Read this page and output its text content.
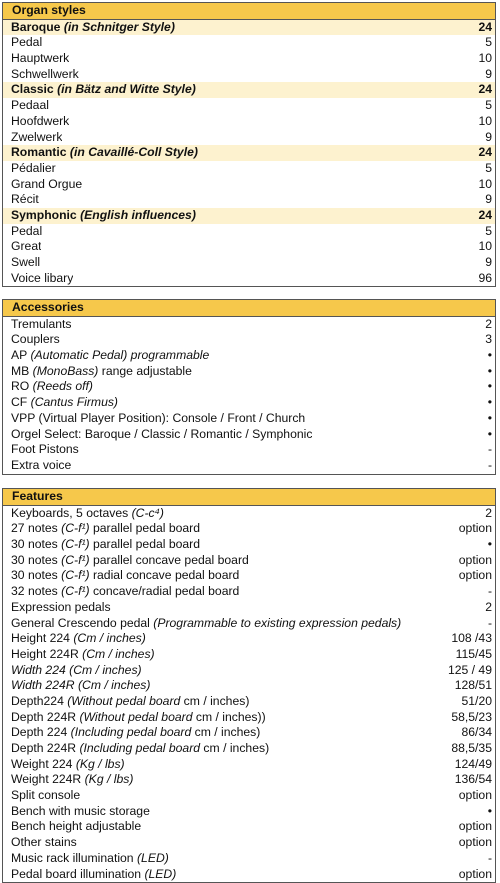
Organ styles
Baroque (in Schnitger Style)	24
Pedal	5
Hauptwerk	10
Schwellwerk	9
Classic (in Bätz and Witte Style)	24
Pedaal	5
Hoofdwerk	10
Zwelwerk	9
Romantic (in Cavaillé-Coll Style)	24
Pédalier	5
Grand Orgue	10
Récit	9
Symphonic (English influences)	24
Pedal	5
Great	10
Swell	9
Voice libary	96
Accessories
Tremulants	2
Couplers	3
AP (Automatic Pedal) programmable	•
MB (MonoBass) range adjustable	•
RO (Reeds off)	•
CF (Cantus Firmus)	•
VPP (Virtual Player Position): Console / Front / Church	•
Orgel Select: Baroque / Classic / Romantic / Symphonic	•
Foot Pistons	-
Extra voice	-
Features
Keyboards, 5 octaves (C-c⁴)	2
27 notes (C-f¹) parallel pedal board	option
30 notes (C-f¹) parallel pedal board	•
30 notes (C-f¹) parallel concave pedal board	option
30 notes (C-f¹) radial concave pedal board	option
32 notes (C-f¹) concave/radial pedal board	-
Expression pedals	2
General Crescendo pedal (Programmable to existing expression pedals)	-
Height 224 (Cm / inches)	108 /43
Height 224R (Cm / inches)	115/45
Width 224 (Cm / inches)	125 / 49
Width 224R (Cm / inches)	128/51
Depth224 (Without pedal board cm / inches)	51/20
Depth 224R (Without pedal board cm / inches))	58,5/23
Depth 224 (Including pedal board cm / inches)	86/34
Depth 224R (Including pedal board cm / inches)	88,5/35
Weight 224 (Kg / lbs)	124/49
Weight 224R (Kg / lbs)	136/54
Split console	option
Bench with music storage	•
Bench height adjustable	option
Other stains	option
Music rack illumination (LED)	-
Pedal board illumination (LED)	option
